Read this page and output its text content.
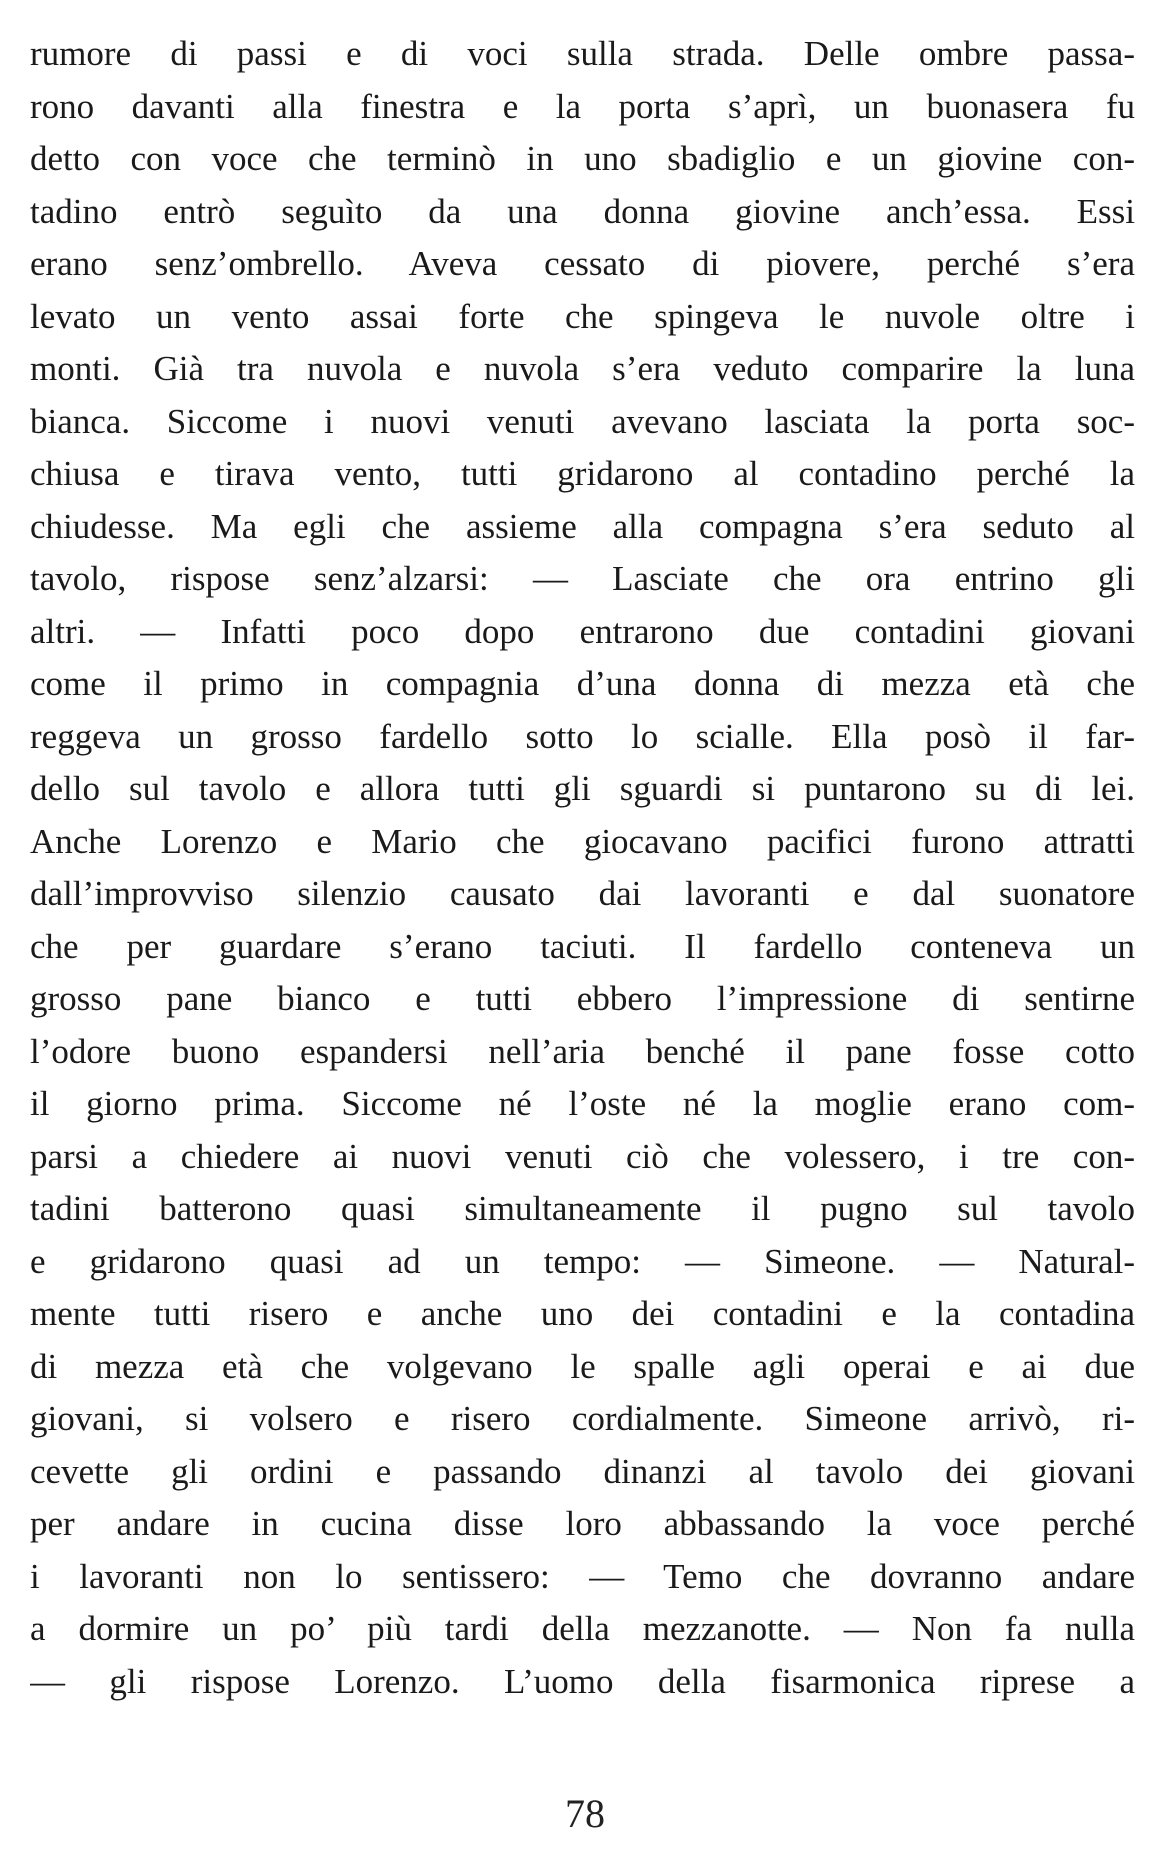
rumore di passi e di voci sulla strada. Delle ombre passa-
rono davanti alla finestra e la porta s’aprì, un buonasera fu
detto con voce che terminò in uno sbadiglio e un giovine con-
tadino entrò seguìto da una donna giovine anch’essa. Essi
erano senz’ombrello. Aveva cessato di piovere, perché s’era
levato un vento assai forte che spingeva le nuvole oltre i
monti. Già tra nuvola e nuvola s’era veduto comparire la luna
bianca. Siccome i nuovi venuti avevano lasciata la porta soc-
chiusa e tirava vento, tutti gridarono al contadino perché la
chiudesse. Ma egli che assieme alla compagna s’era seduto al
tavolo, rispose senz’alzarsi: — Lasciate che ora entrino gli
altri. — Infatti poco dopo entrarono due contadini giovani
come il primo in compagnia d’una donna di mezza età che
reggeva un grosso fardello sotto lo scialle. Ella posò il far-
dello sul tavolo e allora tutti gli sguardi si puntarono su di lei.
Anche Lorenzo e Mario che giocavano pacifici furono attratti
dall’improvviso silenzio causato dai lavoranti e dal suonatore
che per guardare s’erano taciuti. Il fardello conteneva un
grosso pane bianco e tutti ebbero l’impressione di sentirne
l’odore buono espandersi nell’aria benché il pane fosse cotto
il giorno prima. Siccome né l’oste né la moglie erano com-
parsi a chiedere ai nuovi venuti ciò che volessero, i tre con-
tadini batterono quasi simultaneamente il pugno sul tavolo
e gridarono quasi ad un tempo: — Simeone. — Natural-
mente tutti risero e anche uno dei contadini e la contadina
di mezza età che volgevano le spalle agli operai e ai due
giovani, si volsero e risero cordialmente. Simeone arrivò, ri-
cevette gli ordini e passando dinanzi al tavolo dei giovani
per andare in cucina disse loro abbassando la voce perché
i lavoranti non lo sentissero: — Temo che dovranno andare
a dormire un po’ più tardi della mezzanotte. — Non fa nulla
— gli rispose Lorenzo. L’uomo della fisarmonica riprese a
78
